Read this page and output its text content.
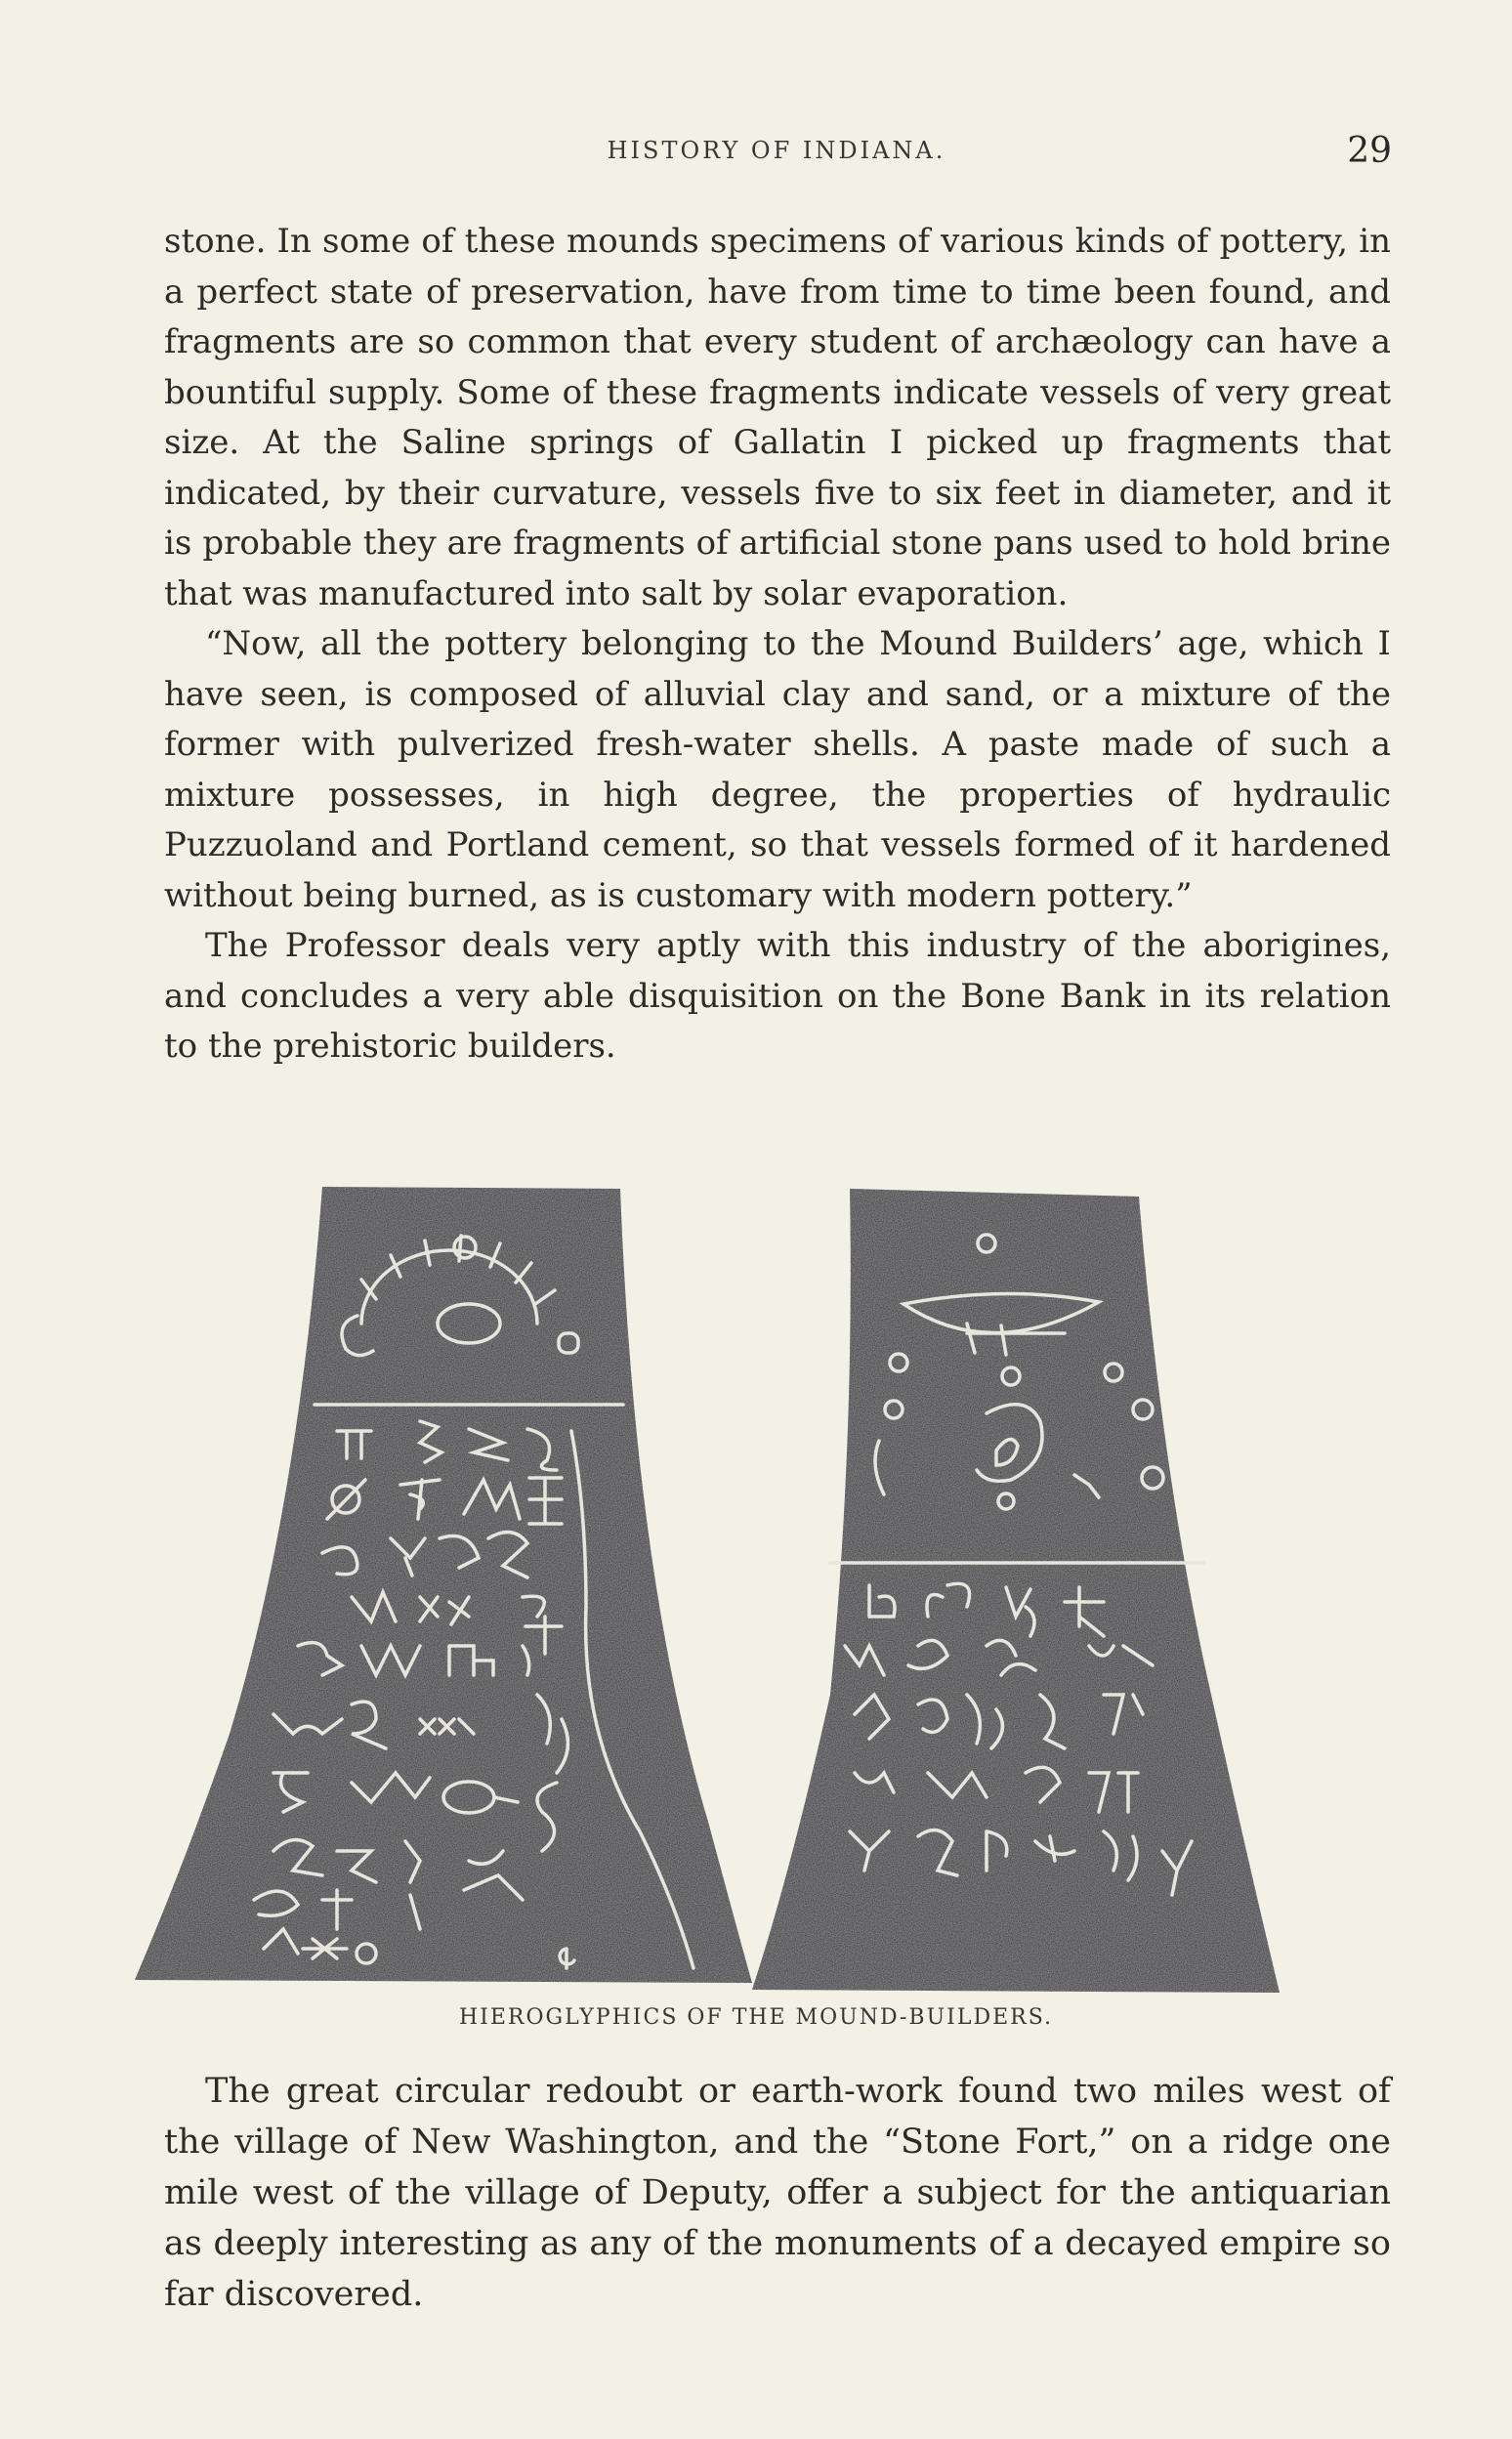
HISTORY OF INDIANA.	29

stone. In some of these mounds specimens of various kinds of pottery, in a perfect state of preservation, have from time to time been found, and fragments are so common that every student of archæology can have a bountiful supply. Some of these fragments indicate vessels of very great size. At the Saline springs of Gallatin I picked up fragments that indicated, by their curvature, vessels five to six feet in diameter, and it is probable they are fragments of artificial stone pans used to hold brine that was manufactured into salt by solar evaporation.

“Now, all the pottery belonging to the Mound Builders’ age, which I have seen, is composed of alluvial clay and sand, or a mixture of the former with pulverized fresh-water shells. A paste made of such a mixture possesses, in high degree, the properties of hydraulic Puzzuoland and Portland cement, so that vessels formed of it hardened without being burned, as is customary with modern pottery.”

The Professor deals very aptly with this industry of the aborigines, and concludes a very able disquisition on the Bone Bank in its relation to the prehistoric builders.

HIEROGLYPHICS OF THE MOUND-BUILDERS.

The great circular redoubt or earth-work found two miles west of the village of New Washington, and the “Stone Fort,” on a ridge one mile west of the village of Deputy, offer a subject for the antiquarian as deeply interesting as any of the monuments of a decayed empire so far discovered.
